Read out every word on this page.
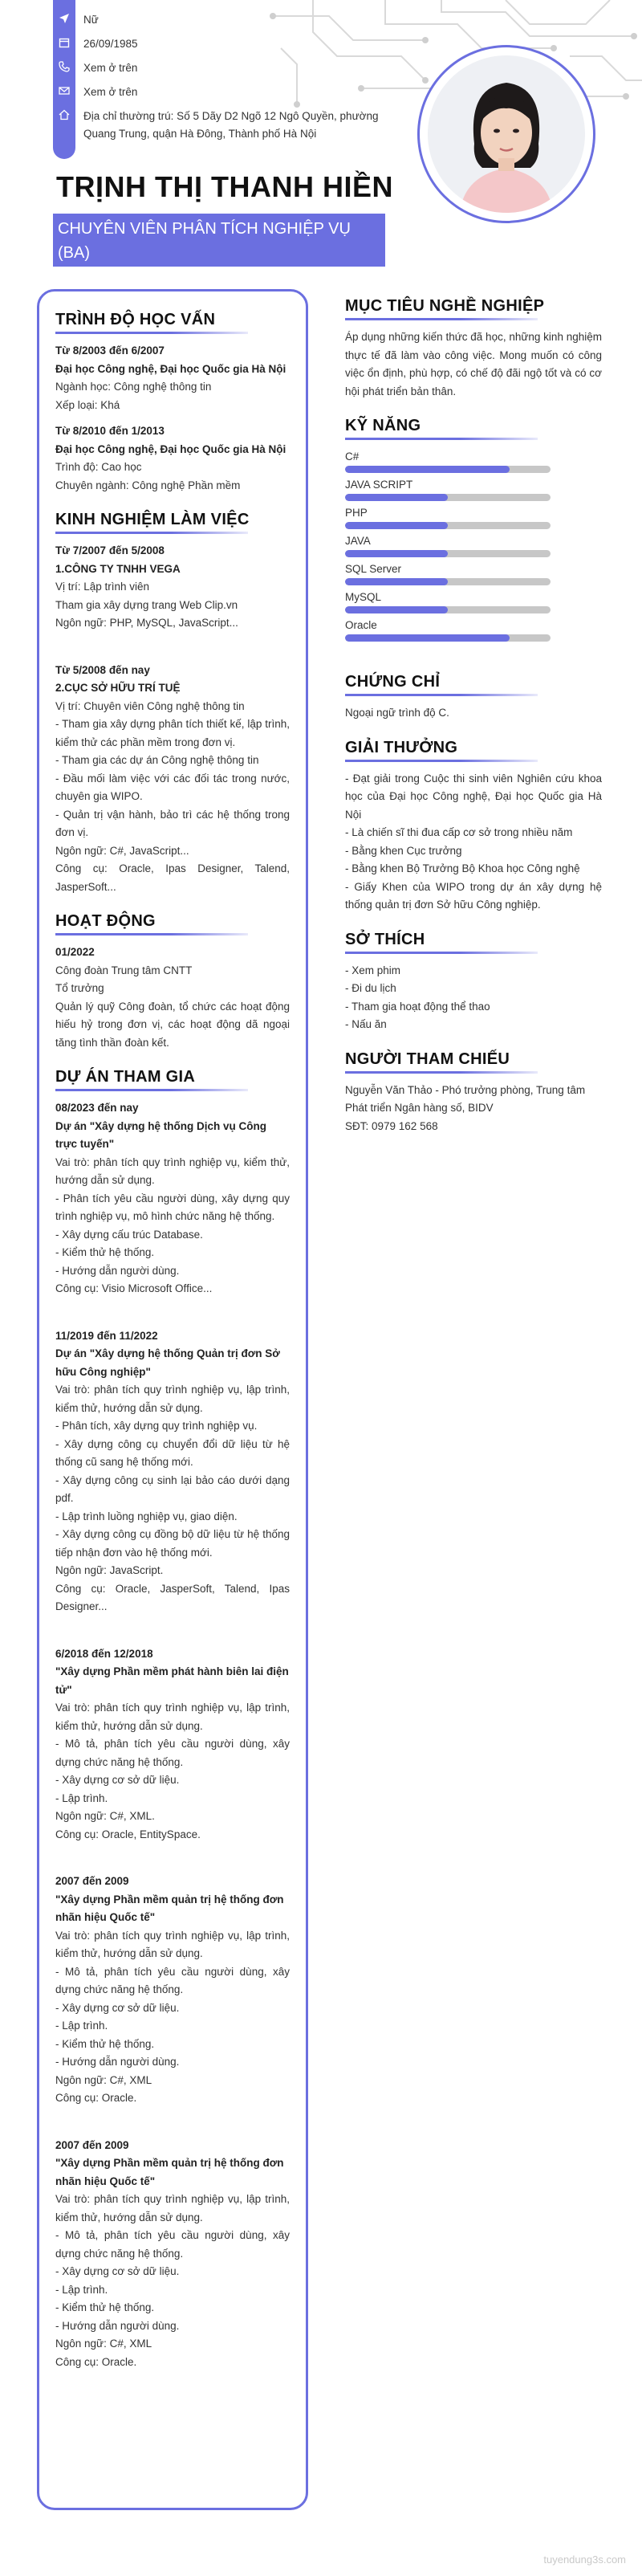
Nữ
26/09/1985
Xem ở trên
Xem ở trên
Địa chỉ thường trú: Số 5 Dãy D2 Ngõ 12 Ngô Quyền, phường Quang Trung, quận Hà Đông, Thành phố Hà Nội
TRỊNH THỊ THANH HIỀN
CHUYÊN VIÊN PHÂN TÍCH NGHIỆP VỤ (BA)
TRÌNH ĐỘ HỌC VẤN

Từ 8/2003 đến 6/2007

Đại học Công nghệ, Đại học Quốc gia Hà Nội

Ngành học: Công nghệ thông tin

Xếp loại: Khá

Từ 8/2010 đến 1/2013

Đại học Công nghệ, Đại học Quốc gia Hà Nội

Trình độ: Cao học

Chuyên ngành: Công nghệ Phần mềm

KINH NGHIỆM LÀM VIỆC

Từ 7/2007 đến 5/2008

1.CÔNG TY TNHH VEGA

Vị trí: Lập trình viên

Tham gia xây dựng trang Web Clip.vn

Ngôn ngữ: PHP, MySQL, JavaScript...

Từ 5/2008 đến nay

2.CỤC SỞ HỮU TRÍ TUỆ

Vị trí: Chuyên viên Công nghệ thông tin

- Tham gia xây dựng phân tích thiết kế, lập trình, kiểm thử các phần mềm trong đơn vị.

- Tham gia các dự án Công nghệ thông tin

- Đầu mối làm việc với các đối tác trong nước, chuyên gia WIPO.

- Quản trị vận hành, bảo trì các hệ thống trong đơn vị.

Ngôn ngữ: C#, JavaScript...

Công cụ: Oracle, Ipas Designer, Talend, JasperSoft...

HOẠT ĐỘNG

01/2022

Công đoàn Trung tâm CNTT

Tổ trưởng

Quản lý quỹ Công đoàn, tổ chức các hoạt động hiếu hỷ trong đơn vị, các hoạt động dã ngoại tăng tình thần đoàn kết.

DỰ ÁN THAM GIA

08/2023 đến nay

Dự án "Xây dựng hệ thống Dịch vụ Công trực tuyến"

Vai trò: phân tích quy trình nghiệp vụ, kiểm thử, hướng dẫn sử dụng.

- Phân tích yêu cầu người dùng, xây dựng quy trình nghiệp vụ, mô hình chức năng hệ thống.

- Xây dựng cấu trúc Database.

- Kiểm thử hệ thống.

- Hướng dẫn người dùng.

Công cụ: Visio Microsoft Office...

11/2019 đến 11/2022

Dự án "Xây dựng hệ thống Quản trị đơn Sở hữu Công nghiệp"

Vai trò: phân tích quy trình nghiệp vụ, lập trình, kiểm thử, hướng dẫn sử dụng.

- Phân tích, xây dựng quy trình nghiệp vụ.

- Xây dựng công cụ chuyển đổi dữ liệu từ hệ thống cũ sang hệ thống mới.

- Xây dựng công cụ sinh lại bảo cáo dưới dạng pdf.

- Lập trình luồng nghiệp vụ, giao diện.

- Xây dựng công cụ đồng bộ dữ liệu từ hệ thống tiếp nhận đơn vào hệ thống mới.

Ngôn ngữ: JavaScript.

Công cụ: Oracle, JasperSoft, Talend, Ipas Designer...

6/2018 đến 12/2018

"Xây dựng Phần mềm phát hành biên lai điện tử"

Vai trò: phân tích quy trình nghiệp vụ, lập trình, kiểm thử, hướng dẫn sử dụng.

- Mô tả, phân tích yêu cầu người dùng, xây dựng chức năng hệ thống.

- Xây dựng cơ sở dữ liệu.

- Lập trình.

Ngôn ngữ: C#, XML.

Công cụ: Oracle, EntitySpace.

2007 đến 2009

"Xây dựng Phần mềm quản trị hệ thống đơn nhãn hiệu Quốc tế"

Vai trò: phân tích quy trình nghiệp vụ, lập trình, kiểm thử, hướng dẫn sử dụng.

- Mô tả, phân tích yêu cầu người dùng, xây dựng chức năng hệ thống.

- Xây dựng cơ sở dữ liệu.

- Lập trình.

- Kiểm thử hệ thống.

- Hướng dẫn người dùng.

Ngôn ngữ: C#, XML

Công cụ: Oracle.

2007 đến 2009

"Xây dựng Phần mềm quản trị hệ thống đơn nhãn hiệu Quốc tế"

Vai trò: phân tích quy trình nghiệp vụ, lập trình, kiểm thử, hướng dẫn sử dụng.

- Mô tả, phân tích yêu cầu người dùng, xây dựng chức năng hệ thống.

- Xây dựng cơ sở dữ liệu.

- Lập trình.

- Kiểm thử hệ thống.

- Hướng dẫn người dùng.

Ngôn ngữ: C#, XML

Công cụ: Oracle.

MỤC TIÊU NGHỀ NGHIỆP

Áp dụng những kiến thức đã học, những kinh nghiệm thực tế đã làm vào công việc. Mong muốn có công việc ổn định, phù hợp, có chế độ đãi ngộ tốt và có cơ hội phát triển bản thân.

KỸ NĂNG
C#
JAVA SCRIPT
PHP
JAVA
SQL Server
MySQL
Oracle
CHỨNG CHỈ

Ngoại ngữ trình độ C.

GIẢI THƯỞNG

- Đạt giải trong Cuộc thi sinh viên Nghiên cứu khoa học của Đại học Công nghệ, Đại học Quốc gia Hà Nội

- Là chiến sĩ thi đua cấp cơ sở trong nhiều năm

- Bằng khen Cục trưởng

- Bằng khen Bộ Trưởng Bộ Khoa học Công nghệ

- Giấy Khen của WIPO trong dự án xây dựng hệ thống quản trị đơn Sở hữu Công nghiệp.

SỞ THÍCH

- Xem phim

- Đi du lịch

- Tham gia hoạt động thể thao

- Nấu ăn

NGƯỜI THAM CHIẾU

Nguyễn Văn Thảo - Phó trưởng phòng, Trung tâm Phát triển Ngân hàng số, BIDV

SĐT: 0979 162 568

tuyendung3s.com
